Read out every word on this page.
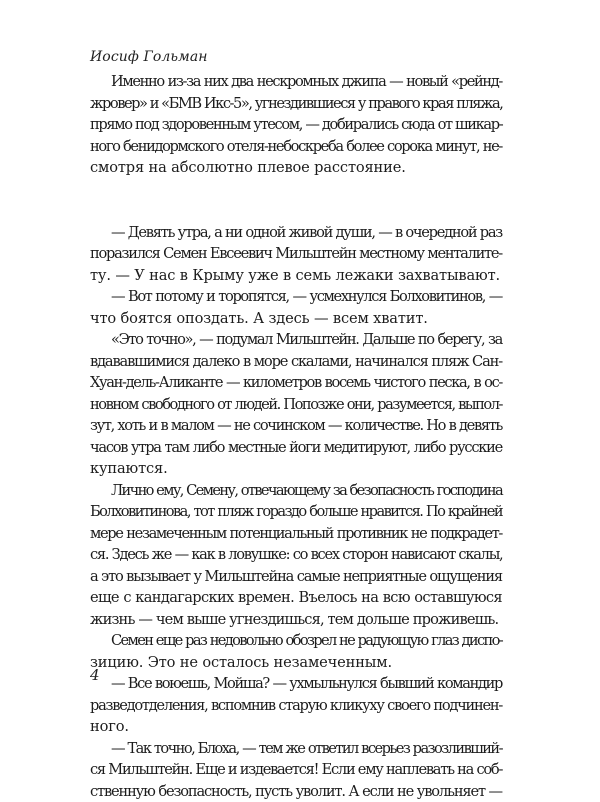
Иосиф Гольман
Именно из-за них два нескромных джипа — новый «рейнд-
жровер» и «БМВ Икс-5», угнездившиеся у правого края пляжа,
прямо под здоровенным утесом, — добирались сюда от шикар-
ного бенидормского отеля-небоскреба более сорока минут, не-
смотря на абсолютно плевое расстояние.
— Девять утра, а ни одной живой души, — в очередной раз
поразился Семен Евсеевич Мильштейн местному менталите-
ту. — У нас в Крыму уже в семь лежаки захватывают.
— Вот потому и торопятся, — усмехнулся Болховитинов, —
что боятся опоздать. А здесь — всем хватит.
«Это точно», — подумал Мильштейн. Дальше по берегу, за
вдававшимися далеко в море скалами, начинался пляж Сан-
Хуан-дель-Аликанте — километров восемь чистого песка, в ос-
новном свободного от людей. Попозже они, разумеется, выпол-
зут, хоть и в малом — не сочинском — количестве. Но в девять
часов утра там либо местные йоги медитируют, либо русские
купаются.
Лично ему, Семену, отвечающему за безопасность господина
Болховитинова, тот пляж гораздо больше нравится. По крайней
мере незамеченным потенциальный противник не подкрадет-
ся. Здесь же — как в ловушке: со всех сторон нависают скалы,
а это вызывает у Мильштейна самые неприятные ощущения
еще с кандагарских времен. Въелось на всю оставшуюся
жизнь — чем выше угнездишься, тем дольше проживешь.
Семен еще раз недовольно обозрел не радующую глаз диспо-
зицию. Это не осталось незамеченным.
— Все воюешь, Мойша? — ухмыльнулся бывший командир
разведотделения, вспомнив старую кликуху своего подчинен-
ного.
— Так точно, Блоха, — тем же ответил всерьез разозливший-
ся Мильштейн. Еще и издевается! Если ему наплевать на соб-
ственную безопасность, пусть уволит. А если не увольняет —
4
